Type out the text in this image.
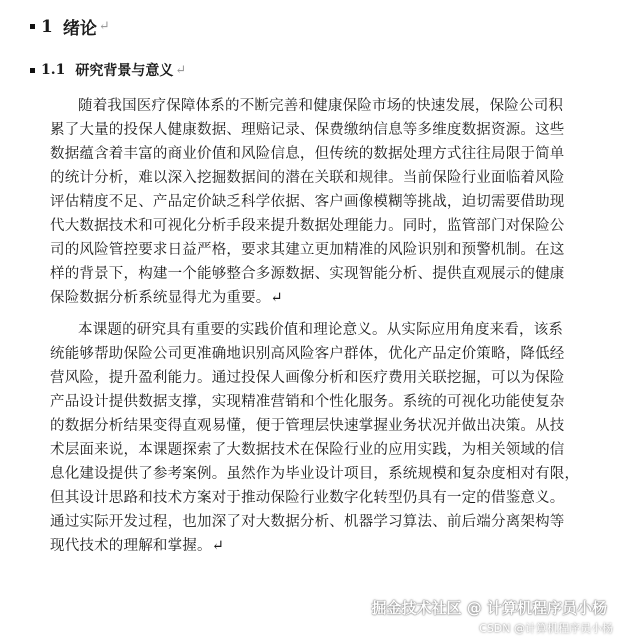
1 绪论 ↵
1.1 研究背景与意义 ↵
随着我国医疗保障体系的不断完善和健康保险市场的快速发展，保险公司积
累了大量的投保人健康数据、理赔记录、保费缴纳信息等多维度数据资源。这些
数据蕴含着丰富的商业价值和风险信息，但传统的数据处理方式往往局限于简单
的统计分析，难以深入挖掘数据间的潜在关联和规律。当前保险行业面临着风险
评估精度不足、产品定价缺乏科学依据、客户画像模糊等挑战，迫切需要借助现
代大数据技术和可视化分析手段来提升数据处理能力。同时，监管部门对保险公
司的风险管控要求日益严格，要求其建立更加精准的风险识别和预警机制。在这
样的背景下，构建一个能够整合多源数据、实现智能分析、提供直观展示的健康
保险数据分析系统显得尤为重要。↵
本课题的研究具有重要的实践价值和理论意义。从实际应用角度来看，该系
统能够帮助保险公司更准确地识别高风险客户群体，优化产品定价策略，降低经
营风险，提升盈利能力。通过投保人画像分析和医疗费用关联挖掘，可以为保险
产品设计提供数据支撑，实现精准营销和个性化服务。系统的可视化功能使复杂
的数据分析结果变得直观易懂，便于管理层快速掌握业务状况并做出决策。从技
术层面来说，本课题探索了大数据技术在保险行业的应用实践，为相关领域的信
息化建设提供了参考案例。虽然作为毕业设计项目，系统规模和复杂度相对有限，
但其设计思路和技术方案对于推动保险行业数字化转型仍具有一定的借鉴意义。
通过实际开发过程，也加深了对大数据分析、机器学习算法、前后端分离架构等
现代技术的理解和掌握。↵
掘金技术社区 @ 计算机程序员小杨
CSDN @计算机程序员小杨
